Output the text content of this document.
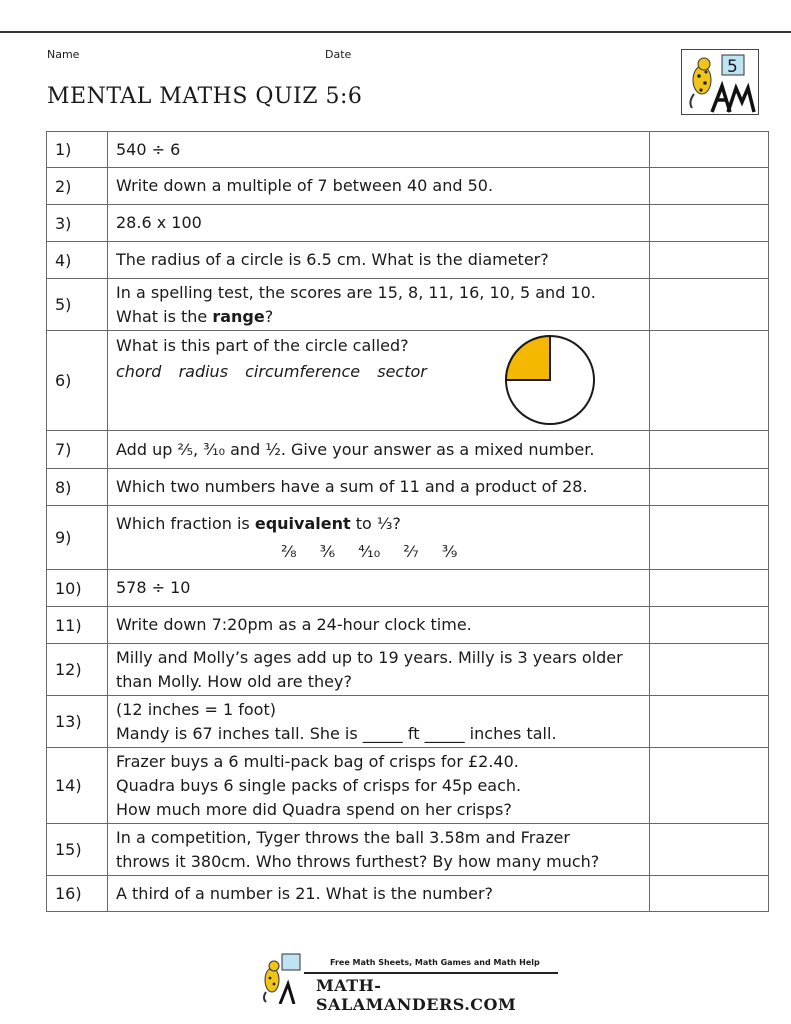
Name	Date
MENTAL MATHS QUIZ 5:6
5
1)	540 ÷ 6	
2)	Write down a multiple of 7 between 40 and 50.	
3)	28.6 x 100	
4)	The radius of a circle is 6.5 cm. What is the diameter?	
5)	In a spelling test, the scores are 15, 8, 11, 16, 10, 5 and 10.
What is the range?	

6)	What is this part of the circle called?
chord radius circumference sector	

7)	Add up ⅖, ³⁄₁₀ and ½. Give your answer as a mixed number.	
8)	Which two numbers have a sum of 11 and a product of 28.	
9)	Which fraction is equivalent to ⅓?
²⁄₈ ³⁄₆ ⁴⁄₁₀ ²⁄₇ ³⁄₉	

10)	578 ÷ 10	
11)	Write down 7:20pm as a 24-hour clock time.	
12)	Milly and Molly’s ages add up to 19 years. Milly is 3 years older
than Molly. How old are they?	

13)	(12 inches = 1 foot)
Mandy is 67 inches tall. She is _____ ft _____ inches tall.	

14)	Frazer buys a 6 multi-pack bag of crisps for £2.40.
Quadra buys 6 single packs of crisps for 45p each.
How much more did Quadra spend on her crisps?	

15)	In a competition, Tyger throws the ball 3.58m and Frazer
throws it 380cm. Who throws furthest? By how many much?	

16)	A third of a number is 21. What is the number?	
Free Math Sheets, Math Games and Math Help
MATH-SALAMANDERS.COM
